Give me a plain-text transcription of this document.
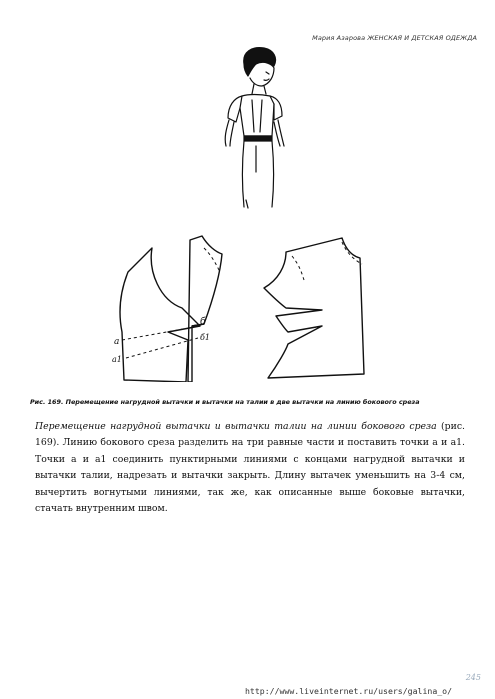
Мария Азарова ЖЕНСКАЯ И ДЕТСКАЯ ОДЕЖДА
б
б1
а
а1
Рис. 169. Перемещение нагрудной вытачки и вытачки на талии в две вытачки на линию бокового среза
Перемещение нагрудной вытачки и вытачки талии на линии бокового среза (рис. 169). Линию бокового среза разделить на три равные части и поставить точки а и а1. Точки а и а1 соединить пунктирными линиями с концами нагрудной вытачки и вытачки талии, надрезать и вытачки закрыть. Длину вытачек уменьшить на 3-4 см, вычертить вогнутыми линиями, так же, как описанные выше боковые вытачки, стачать внутренним швом.
245
http://www.liveinternet.ru/users/galina_o/
